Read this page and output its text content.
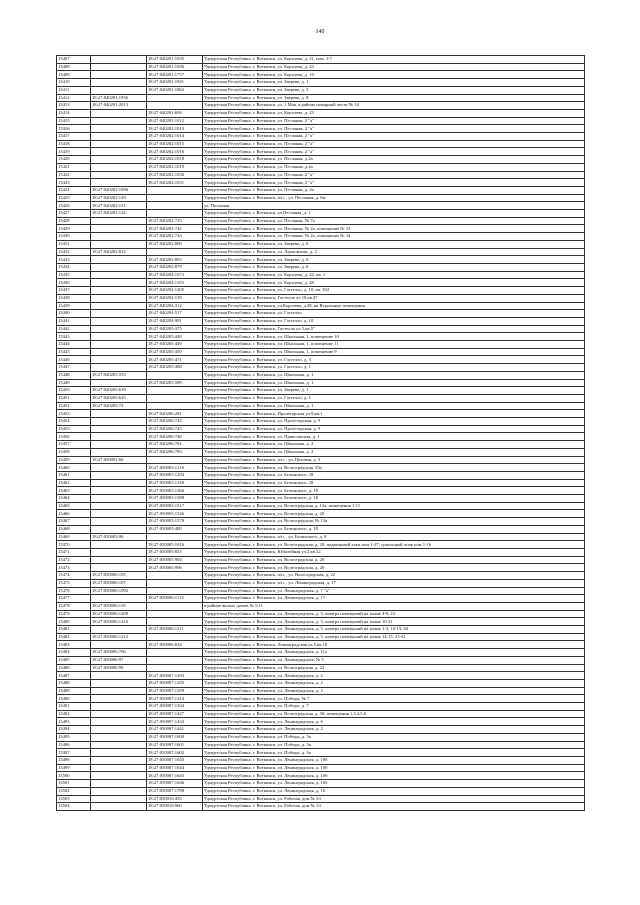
140
13407		18:27:040201:1635	Удмуртская Республика, г. Воткинск, ул. Королева, д. 21, пом. 1-7
13408		18:27:040201:1696	Удмуртская Республика, г. Воткинск, ул. Королева, д. 23
13409		18:27:040201:1757	Удмуртская Республика, г. Воткинск, ул. Королева, д. 19
13410		18:27:040201:1841	Удмуртская Республика, г. Воткинск, ул. Зверева, д. 1
13411		18:27:040201:1862	Удмуртская Республика, г. Воткинск, ул. Зверева, д. 3
13412	18:27:040201:1936		Удмуртская Республика, г. Воткинск, ул. Зверева, д. 8
13413	18:27:040201:2013		Удмуртская Республика, г. Воткинск, ул. 1 Мая, в районе пожарной части № 14
13414		18:27:040201:694	Удмуртская Республика, г. Воткинск, ул. Королева, д. 23
13415		18:27:040202:1012	Удмуртская Республика, г. Воткинск, ул. Песчаная, 2 "а"
13416		18:27:040202:1013	Удмуртская Республика, г. Воткинск, ул. Песчаная, 2 "а"
13417		18:27:040202:1014	Удмуртская Республика, г. Воткинск, ул. Песчаная, 2 "а"
13418		18:27:040202:1015	Удмуртская Республика, г. Воткинск, ул. Песчаная, 2 "а"
13419		18:27:040202:1016	Удмуртская Республика, г. Воткинск, ул. Песчаная, 2 "а"
13420		18:27:040202:1018	Удмуртская Республика, г. Воткинск, ул. Песчаная, д.2а
13421		18:27:040202:1019	Удмуртская Республика, г. Воткинск, ул. Песчаная, д.2а
13422		18:27:040202:1030	Удмуртская Республика, г. Воткинск, ул. Песчаная, 2 "а"
13423		18:27:040202:1031	Удмуртская Республика, г. Воткинск, ул. Песчаная, 2 "а"
13424	18:27:040202:1096		Удмуртская Республика, г. Воткинск, ул. Песчаная, д. 2а
13425	18:27:040202:129		Удмуртская Республика, г. Воткинск, п/п. , ул. Песчаная, д. 6м
13426	18:27:040202:131		ул. Песчаная
13427	18:27:040202:132		Удмуртская Республика, г. Воткинск, ул.Песчаная, д. 1
13428		18:27:040202:725	Удмуртская Республика, г. Воткинск, ул. Песчаная, № 7а
13429		18:27:040202:742	Удмуртская Республика, г. Воткинск, ул. Песчаная, № 2а, помещение № 13
13430		18:27:040202:743	Удмуртская Республика, г. Воткинск, ул. Песчаная, № 2а, помещение № 14
13431		18:27:040202:800	Удмуртская Республика, г. Воткинск, ул. Зверева, д. 6
13432	18:27:040202:812		Удмуртская Республика, г. Воткинск, ул. Лермонтова, д. 2
13433		18:27:040202:865	Удмуртская Республика, г. Воткинск, ул. Зверева, д. 6
13434		18:27:040202:879	Удмуртская Республика, г. Воткинск, ул. Зверева, д. 6
13435		18:27:040204:1072	Удмуртская Республика, г. Воткинск, ул. Королева, д. 22, кв. 1
13436		18:27:040204:1103	Удмуртская Республика, г. Воткинск, ул. Королева, д. 28
13437		18:27:040204:1205	Удмуртская Республика, г. Воткинск, ул. Гастелло, д. 10, кв. 102
13438		18:27:040204:139	Удмуртская Республика, г. Воткинск, Гастелло ул.10,кв.47
13439		18:27:040204:312	Удмуртская Республика, г. Воткинск, ул.Королева, д.28, на Втроенные помещения
13440		18:27:040204:517	Удмуртская Республика, г. Воткинск, ул. Гастелло
13441		18:27:040204:901	Удмуртская Республика, г. Воткинск, ул. Гастелло, д. 10
13442		18:27:040205:375	Удмуртская Республика, г. Воткинск, Гастелло ул.5,кв.5"
13443		18:27:040205:448	Удмуртская Республика, г. Воткинск, ул. Школьная, 1, помещение 10
13444		18:27:040205:449	Удмуртская Республика, г. Воткинск, ул. Школьная, 1, помещение 11
13445		18:27:040205:450	Удмуртская Республика, г. Воткинск, ул. Школьная, 1, помещение 9
13446		18:27:040205:471	Удмуртская Республика, г. Воткинск, ул. Гастелло, д. 3
13447		18:27:040205:488	Удмуртская Республика, г. Воткинск, ул. Гастелло, д. 1
13448	18:27:040205:553		Удмуртская Республика, г. Воткинск, ул. Школьная, д. 1
13449		18:27:040205:589	Удмуртская Республика, г. Воткинск, ул. Школьная, д. 1
13450	18:27:040205:619		Удмуртская Республика, г. Воткинск, ул. Зверева, д. 1
13451	18:27:040205:625		Удмуртская Республика, г. Воткинск, ул. Гастелло, д. 1
13452	18:27:040205:72		Удмуртская Республика, г. Воткинск, ул. Школьная, д. 1
13453		18:27:040206:281	Удмуртская Республика, г. Воткинск, Пролетарская ул.9,кв.1
13454		18:27:040206:744	Удмуртская Республика, г. Воткинск, ул. Пролетарская, д. 9
13455		18:27:040206:745	Удмуртская Республика, г. Воткинск, ул. Пролетарская, д. 9
13456		18:27:040206:746	Удмуртская Республика, г. Воткинск, ул. Приволжская, д. 1
13457		18:27:040206:761	Удмуртская Республика, г. Воткинск, ул. Школьная, д. 2
13458		18:27:040206:785	Удмуртская Республика, г. Воткинск, ул. Школьная, д. 2
13459	18:27:050001:66		Удмуртская Республика, г. Воткинск, п/п. , ул. Цеховая, д. 5
13460		18:27:050003:1216	Удмуртская Республика, г. Воткинск, ул. Волгоградская, 33а
13461		18:27:050003:1294	Удмуртская Республика, г. Воткинск, ул. Белинского, 18
13462		18:27:050003:1320	Удмуртская Республика, г. Воткинск, ул. Белинского, 18
13463		18:27:050003:1366	Удмуртская Республика, г. Воткинск, ул. Белинского, д. 18
13464		18:27:050003:1388	Удмуртская Республика, г. Воткинск, ул. Белинского, д. 18
13465		18:27:050003:1517	Удмуртская Республика, г. Воткинск, ул. Волгоградская, д. 13а, помещения 1-11
13466		18:27:050003:1526	Удмуртская Республика, г. Воткинск, ул. Волгоградская, д. 20
13467		18:27:050003:1578	Удмуртская Республика, г. Воткинск, ул. Волгоградская, № 13а
13468		18:27:050003:480	Удмуртская Республика, г. Воткинск, ул. Белинского, д. 18
13469	18:27:050003:96		Удмуртская Республика, г. Воткинск, п/п. , ул. Белинского, д. 8
13470		18:27:050005:1016	Удмуртская Республика, г. Воткинск, ул. Волгоградская, д. 20, подвальный этаж пом 1-27, цокольный этаж пом 1-16
13471		18:27:050005:853	Удмуртская Республика, г. Воткинск, Юбилейная ул.2,кв.22
13472		18:27:050005:904	Удмуртская Республика, г. Воткинск, ул. Волгоградская, д. 20
13473		18:27:050005:906	Удмуртская Республика, г. Воткинск, ул. Волгоградская, д. 20
13474	18:27:050006:105		Удмуртская Республика, г. Воткинск, п/п. , ул. Волгоградская, д. 22
13475	18:27:050006:107		Удмуртская Республика, г. Воткинск, п/п. , ул. Ленинградская, д. 17
13476	18:27:050006:1092		Удмуртская Республика, г. Воткинск, ул. Ленинградская, д. 7 "а"
13477		18:27:050006:1113	Удмуртская Республика, г. Воткинск, ул. Ленинградская, д. 17
13478	18:27:050006:118		в районе жилых домов № 5,11
13479	18:27:050006:1209		Удмуртская Республика, г. Воткинск, ул. Ленинградская, д. 5, номера помещений на плане 4-9, 22
13480	18:27:050006:1210		Удмуртская Республика, г. Воткинск, ул. Ленинградская, д. 5, номера помещений на плане 16-21
13481		18:27:050006:1211	Удмуртская Республика, г. Воткинск, ул. Ленинградская, д. 5, номера помещений на плане 1-3, 10-13, 44
13482	18:27:050006:1212		Удмуртская Республика, г. Воткинск, ул. Ленинградская, д. 5, номера помещений на плане 14-15, 23-41
13483		18:27:050006:634	Удмуртская Республика, г. Воткинск, Ленинградская ул.5,кв.18
13484	18:27:050006:766		Удмуртская Республика, г. Воткинск, ул. Ленинградская, д. 11а
13485	18:27:050006:97		Удмуртская Республика, г. Воткинск, ул. Ленинградская, № 5
13486	18:27:050006:98		Удмуртская Республика, г. Воткинск, ул. Волгоградская, д. 22
13487		18:27:050007:1293	Удмуртская Республика, г. Воткинск, ул. Ленинградская, д. 2
13488		18:27:050007:1295	Удмуртская Республика, г. Воткинск, ул. Ленинградская, д. 2
13489		18:27:050007:1299	Удмуртская Республика, г. Воткинск, ул. Ленинградская, д. 2
13490		18:27:050007:1314	Удмуртская Республика, г. Воткинск, ул. Победы, № 7
13491		18:27:050007:1334	Удмуртская Республика, г. Воткинск, ул. Победы, д. 7
13492		18:27:050007:1427	Удмуртская Республика, г. Воткинск, ул. Волгоградская, д. 30, помещения 1,3,4,5,6
13493		18:27:050007:1433	Удмуртская Республика, г. Воткинск, ул. Ленинградская, д. 6
13494		18:27:050007:1441	Удмуртская Республика, г. Воткинск, ул. Ленинградская, д. 2
13495		18:27:050007:1600	Удмуртская Республика, г. Воткинск, ул. Победы, д. 3а
13496		18:27:050007:1601	Удмуртская Республика, г. Воткинск, ул. Победы, д. 3а
13497		18:27:050007:1602	Удмуртская Республика, г. Воткинск, ул. Победы, д. 3а
13498		18:27:050007:1643	Удмуртская Республика, г. Воткинск, ул. Ленинградская, д. 10б
13499		18:27:050007:1644	Удмуртская Республика, г. Воткинск, ул. Ленинградская, д. 10б
13500		18:27:050007:1645	Удмуртская Республика, г. Воткинск, ул. Ленинградская, д. 10б
13501		18:27:050007:1646	Удмуртская Республика, г. Воткинск, ул. Ленинградская, д. 10б
13502		18:27:050007:1788	Удмуртская Республика, г. Воткинск, ул. Ленинградская, д. 16
13503		18:27:050010:435	Удмуртская Республика, г. Воткинск, ул. Рабочая, дом № 33
13504		18:27:050010:960	Удмуртская Республика, г. Воткинск, ул. Рабочая, дом № 33
